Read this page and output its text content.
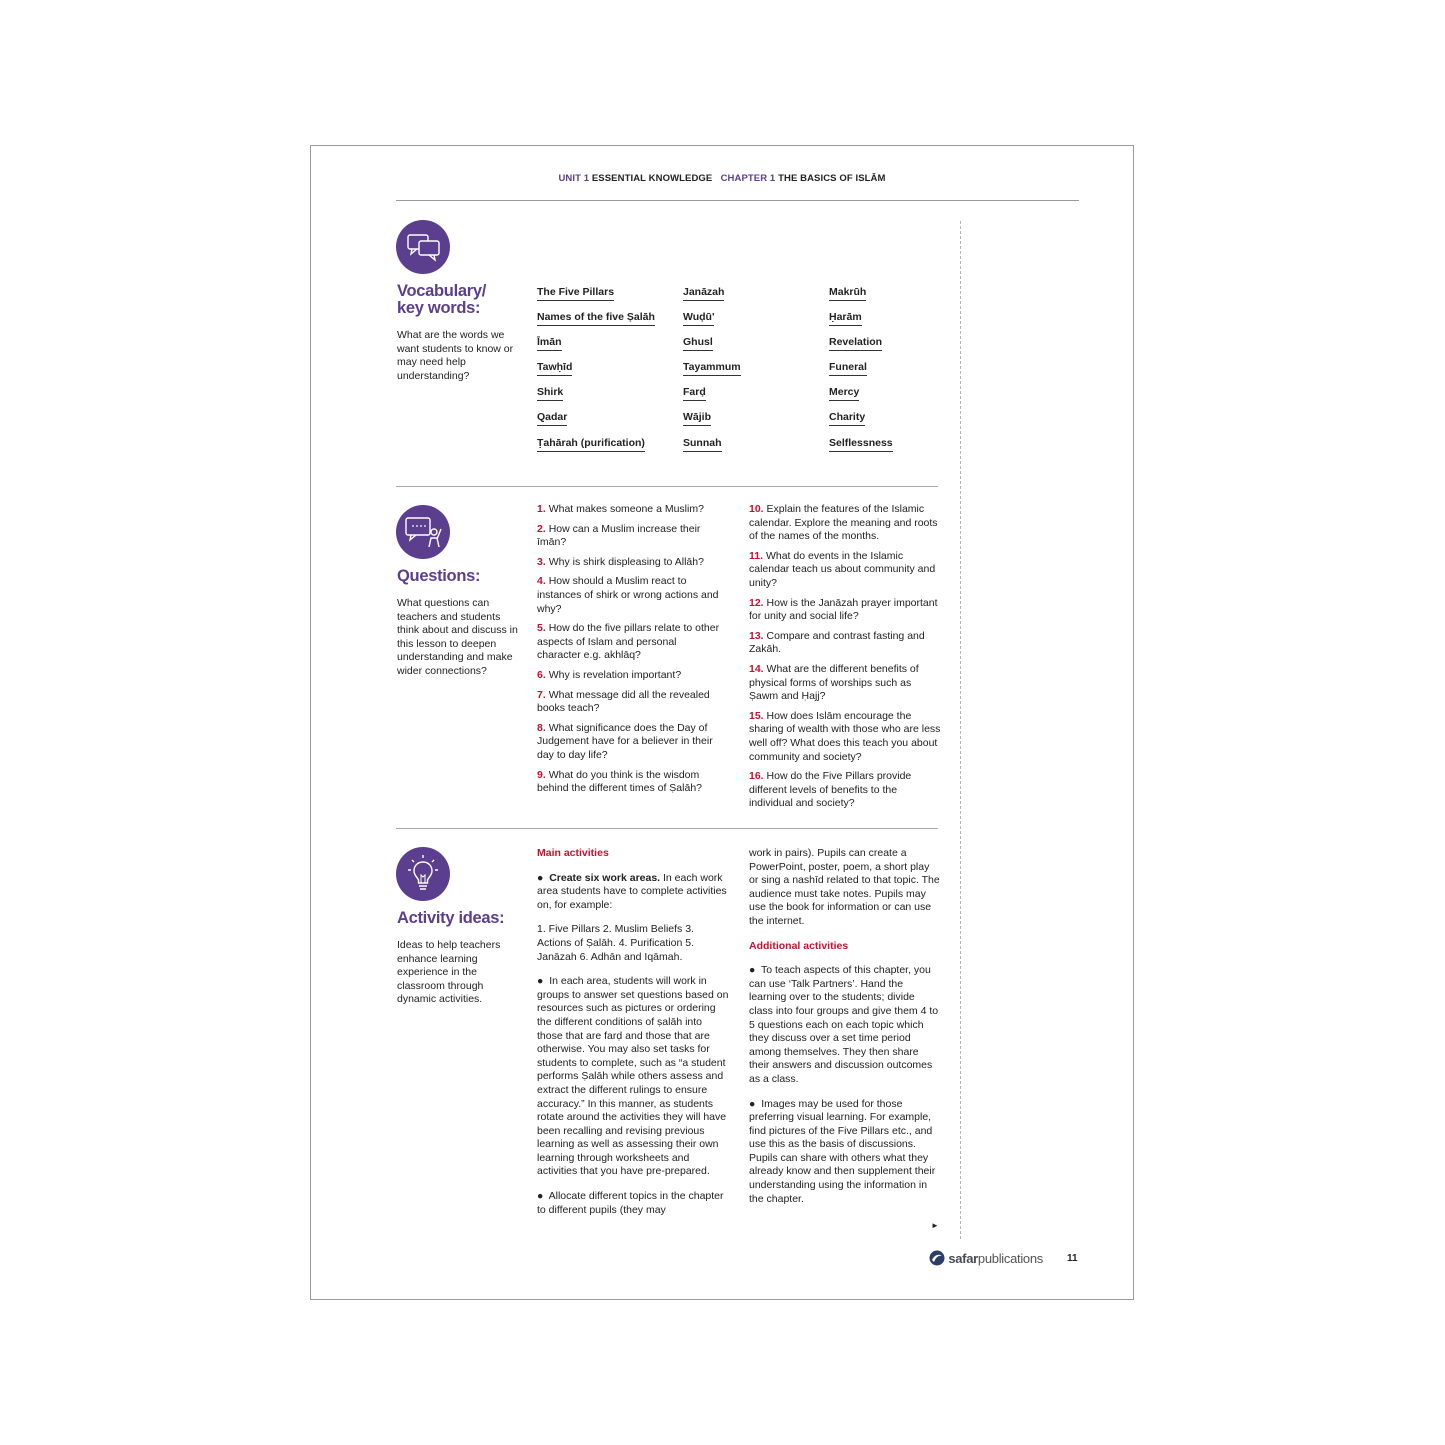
UNIT 1 ESSENTIAL KNOWLEDGE CHAPTER 1 THE BASICS OF ISLĀM
Vocabulary/
key words:
What are the words we want students to know or may need help understanding?
The Five Pillars
Names of the five Ṣalāh
Īmān
Tawḥīd
Shirk
Qadar
Ṭahārah (purification)
Janāzah
Wuḍū'
Ghusl
Tayammum
Farḍ
Wājib
Sunnah
Makrūh
Ḥarām
Revelation
Funeral
Mercy
Charity
Selflessness
Questions:
What questions can teachers and students think about and discuss in this lesson to deepen understanding and make wider connections?
1. What makes someone a Muslim?
2. How can a Muslim increase their īmān?
3. Why is shirk displeasing to Allāh?
4. How should a Muslim react to instances of shirk or wrong actions and why?
5. How do the five pillars relate to other aspects of Islam and personal character e.g. akhlāq?
6. Why is revelation important?
7. What message did all the revealed books teach?
8. What significance does the Day of Judgement have for a believer in their day to day life?
9. What do you think is the wisdom behind the different times of Ṣalāh?
10. Explain the features of the Islamic calendar. Explore the meaning and roots of the names of the months.
11. What do events in the Islamic calendar teach us about community and unity?
12. How is the Janāzah prayer important for unity and social life?
13. Compare and contrast fasting and Zakāh.
14. What are the different benefits of physical forms of worships such as Ṣawm and Ḥajj?
15. How does Islām encourage the sharing of wealth with those who are less well off? What does this teach you about community and society?
16. How do the Five Pillars provide different levels of benefits to the individual and society?
Activity ideas:
Ideas to help teachers enhance learning experience in the classroom through dynamic activities.

Main activities

● Create six work areas. In each work area students have to complete activities on, for example:

1. Five Pillars 2. Muslim Beliefs 3. Actions of Ṣalāh. 4. Purification 5. Janāzah 6. Adhān and Iqāmah.

● In each area, students will work in groups to answer set questions based on resources such as pictures or ordering the different conditions of ṣalāh into those that are farḍ and those that are otherwise. You may also set tasks for students to complete, such as “a student performs Ṣalāh while others assess and extract the different rulings to ensure accuracy.” In this manner, as students rotate around the activities they will have been recalling and revising previous learning as well as assessing their own learning through worksheets and activities that you have pre-prepared.

● Allocate different topics in the chapter to different pupils (they may

work in pairs). Pupils can create a PowerPoint, poster, poem, a short play or sing a nashīd related to that topic. The audience must take notes. Pupils may use the book for information or can use the internet.

Additional activities

● To teach aspects of this chapter, you can use ‘Talk Partners’. Hand the learning over to the students; divide class into four groups and give them 4 to 5 questions each on each topic which they discuss over a set time period among themselves. They then share their answers and discussion outcomes as a class.

● Images may be used for those preferring visual learning. For example, find pictures of the Five Pillars etc., and use this as the basis of discussions. Pupils can share with others what they already know and then supplement their understanding using the information in the chapter.

►
safarpublications 11
